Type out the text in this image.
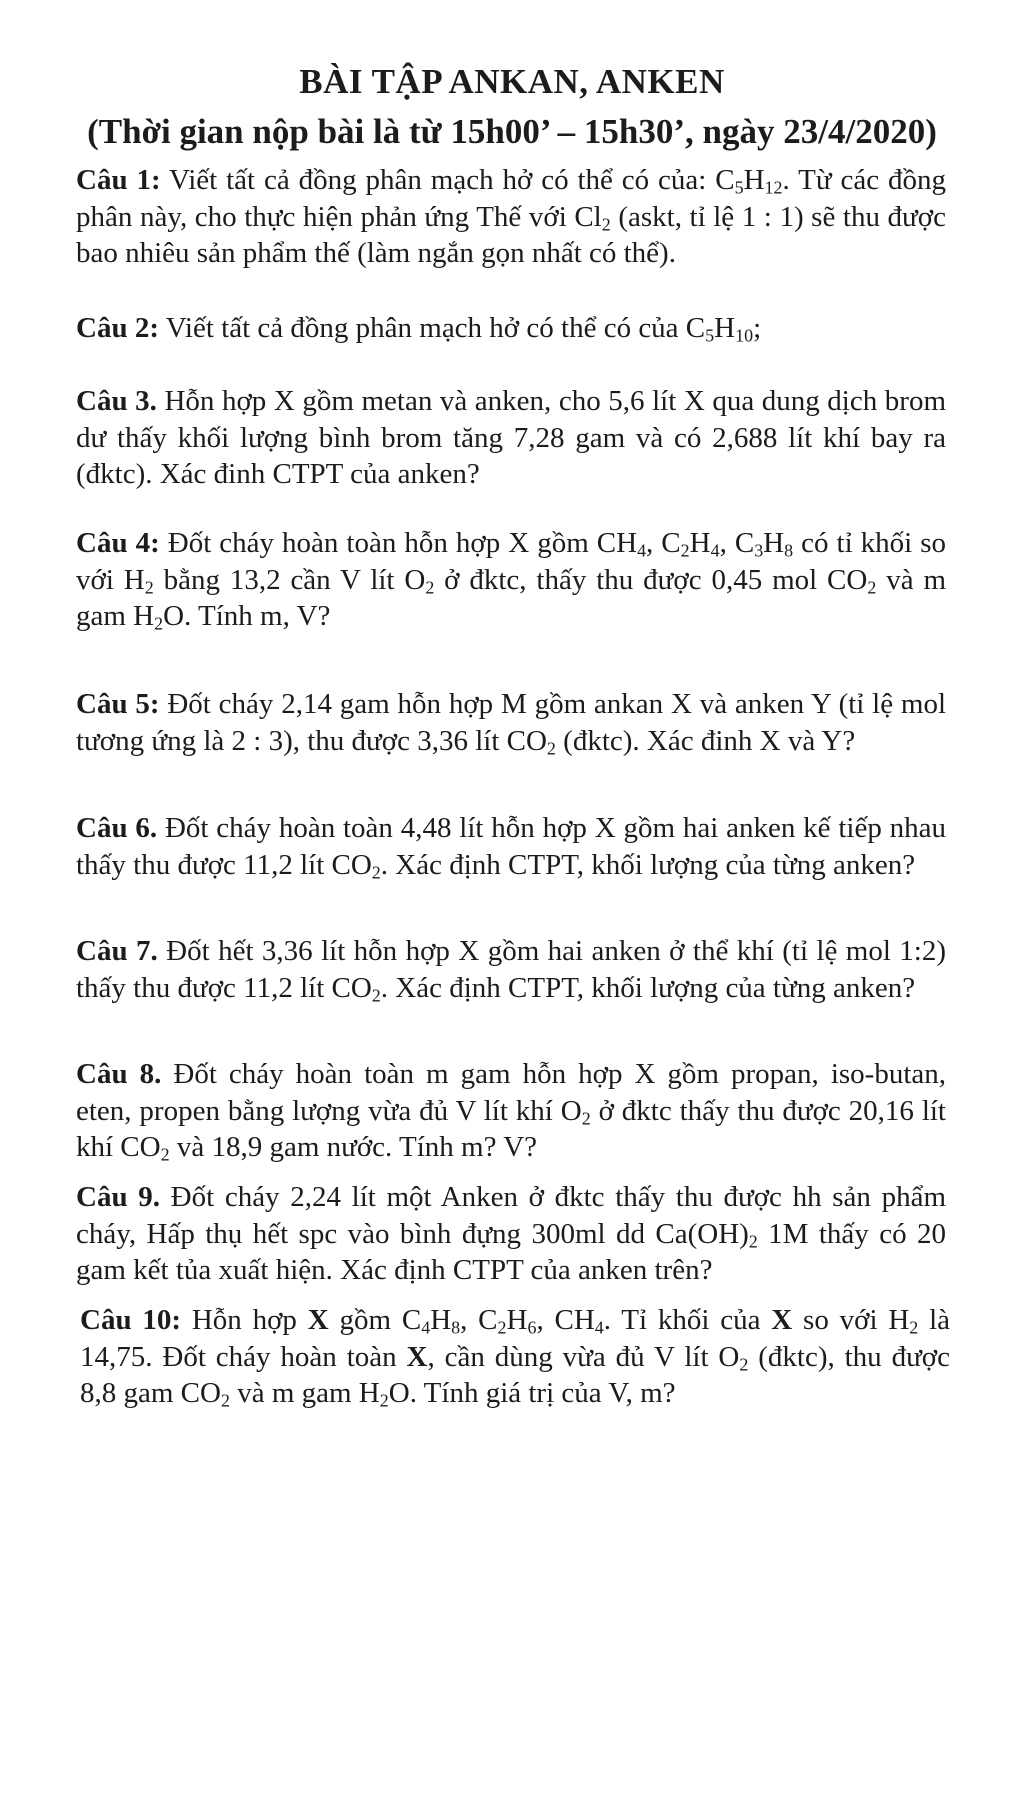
BÀI TẬP ANKAN, ANKEN
(Thời gian nộp bài là từ 15h00’ – 15h30’, ngày 23/4/2020)

Câu 1: Viết tất cả đồng phân mạch hở có thể có của: $C_5H_{12}$. Từ các đồng phân này, cho thực hiện phản ứng Thế với $Cl_2$ (askt, tỉ lệ 1 : 1) sẽ thu được bao nhiêu sản phẩm thế (làm ngắn gọn nhất có thể).

Câu 2: Viết tất cả đồng phân mạch hở có thể có của $C_5H_{10}$;

Câu 3. Hỗn hợp X gồm metan và anken, cho 5,6 lít X qua dung dịch brom dư thấy khối lượng bình brom tăng 7,28 gam và có 2,688 lít khí bay ra (đktc). Xác đinh CTPT của anken?

Câu 4: Đốt cháy hoàn toàn hỗn hợp X gồm $CH_4$, $C_2H_4$, $C_3H_8$ có tỉ khối so với $H_2$ bằng 13,2 cần V lít $O_2$ ở đktc, thấy thu được 0,45 mol $CO_2$ và m gam $H_2O$. Tính m, V?

Câu 5: Đốt cháy 2,14 gam hỗn hợp M gồm ankan X và anken Y (tỉ lệ mol tương ứng là 2 : 3), thu được 3,36 lít $CO_2$ (đktc). Xác đinh X và Y?

Câu 6. Đốt cháy hoàn toàn 4,48 lít hỗn hợp X gồm hai anken kế tiếp nhau thấy thu được 11,2 lít $CO_2$. Xác định CTPT, khối lượng của từng anken?

Câu 7. Đốt hết 3,36 lít hỗn hợp X gồm hai anken ở thể khí (tỉ lệ mol 1:2) thấy thu được 11,2 lít $CO_2$. Xác định CTPT, khối lượng của từng anken?

Câu 8. Đốt cháy hoàn toàn m gam hỗn hợp X gồm propan, iso-butan, eten, propen bằng lượng vừa đủ V lít khí $O_2$ ở đktc thấy thu được 20,16 lít khí $CO_2$ và 18,9 gam nước. Tính m? V?

Câu 9. Đốt cháy 2,24 lít một Anken ở đktc thấy thu được hh sản phẩm cháy, Hấp thụ hết spc vào bình đựng 300ml dd $Ca(OH)_2$ 1M thấy có 20 gam kết tủa xuất hiện. Xác định CTPT của anken trên?

Câu 10: Hỗn hợp X gồm $C_4H_8$, $C_2H_6$, $CH_4$. Tỉ khối của X so với $H_2$ là 14,75. Đốt cháy hoàn toàn X, cần dùng vừa đủ V lít $O_2$ (đktc), thu được 8,8 gam $CO_2$ và m gam $H_2O$. Tính giá trị của V, m?
